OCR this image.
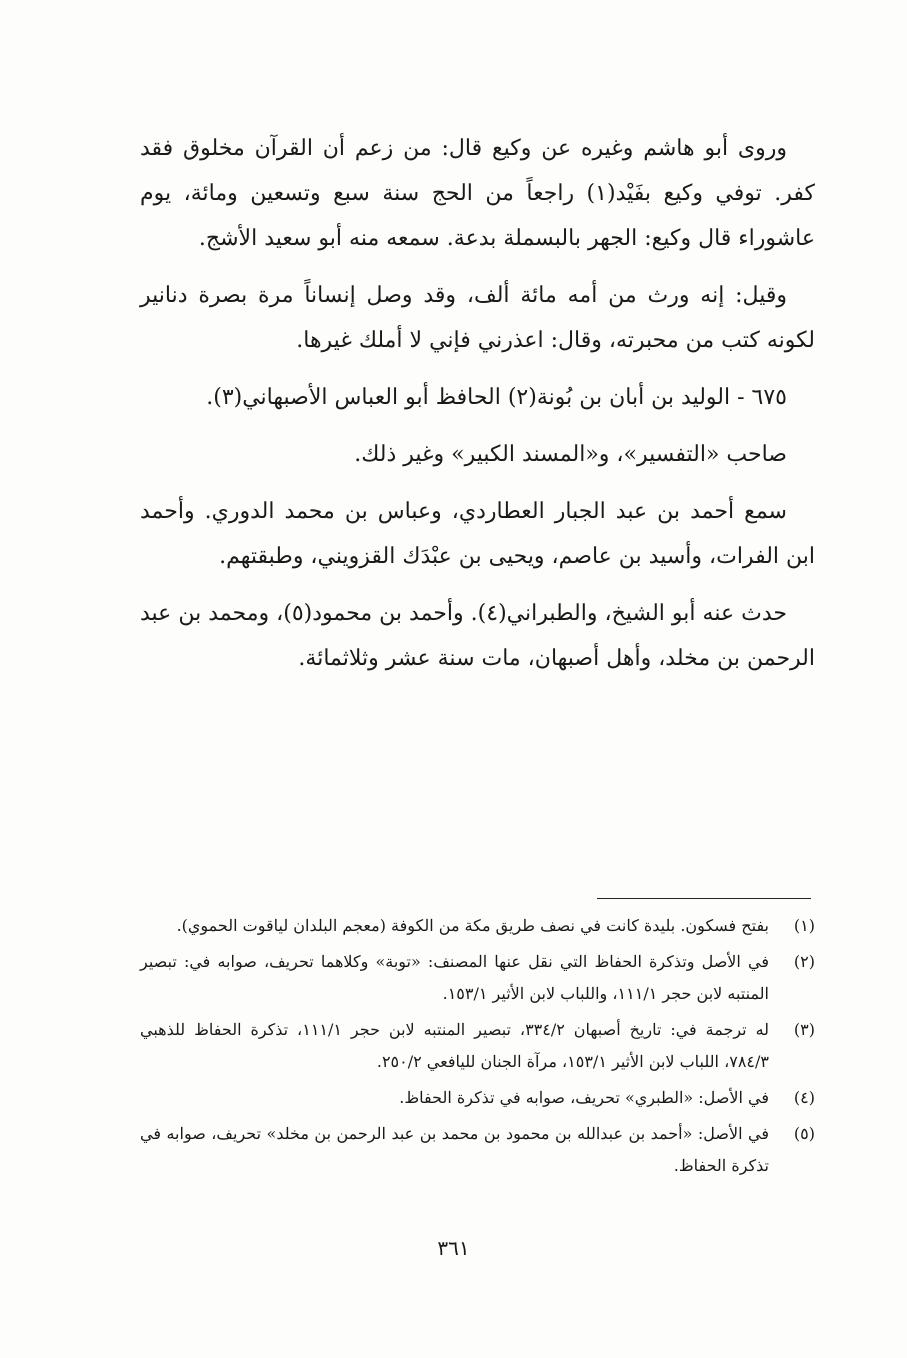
وروى أبو هاشم وغيره عن وكيع قال: من زعم أن القرآن مخلوق فقد كفر. توفي وكيع بفَيْد(١) راجعاً من الحج سنة سبع وتسعين ومائة، يوم عاشوراء قال وكيع: الجهر بالبسملة بدعة. سمعه منه أبو سعيد الأشج.

وقيل: إنه ورث من أمه مائة ألف، وقد وصل إنساناً مرة بصرة دنانير لكونه كتب من محبرته، وقال: اعذرني فإني لا أملك غيرها.

٦٧٥ - الوليد بن أبان بن بُونة(٢) الحافظ أبو العباس الأصبهاني(٣).

صاحب «التفسير»، و«المسند الكبير» وغير ذلك.

سمع أحمد بن عبد الجبار العطاردي، وعباس بن محمد الدوري. وأحمد ابن الفرات، وأسيد بن عاصم، ويحيى بن عبْدَك القزويني، وطبقتهم.

حدث عنه أبو الشيخ، والطبراني(٤). وأحمد بن محمود(٥)، ومحمد بن عبد الرحمن بن مخلد، وأهل أصبهان، مات سنة عشر وثلاثمائة.

(١)
بفتح فسكون. بليدة كانت في نصف طريق مكة من الكوفة (معجم البلدان لياقوت الحموي).
(٢)
في الأصل وتذكرة الحفاظ التي نقل عنها المصنف: «توبة» وكلاهما تحريف، صوابه في: تبصير المنتبه لابن حجر ١١١/١، واللباب لابن الأثير ١٥٣/١.
(٣)
له ترجمة في: تاريخ أصبهان ٣٣٤/٢، تبصير المنتبه لابن حجر ١١١/١، تذكرة الحفاظ للذهبي ٧٨٤/٣، اللباب لابن الأثير ١٥٣/١، مرآة الجنان لليافعي ٢٥٠/٢.
(٤)
في الأصل: «الطبري» تحريف، صوابه في تذكرة الحفاظ.
(٥)
في الأصل: «أحمد بن عبدالله بن محمود بن محمد بن عبد الرحمن بن مخلد» تحريف، صوابه في تذكرة الحفاظ.
٣٦١
